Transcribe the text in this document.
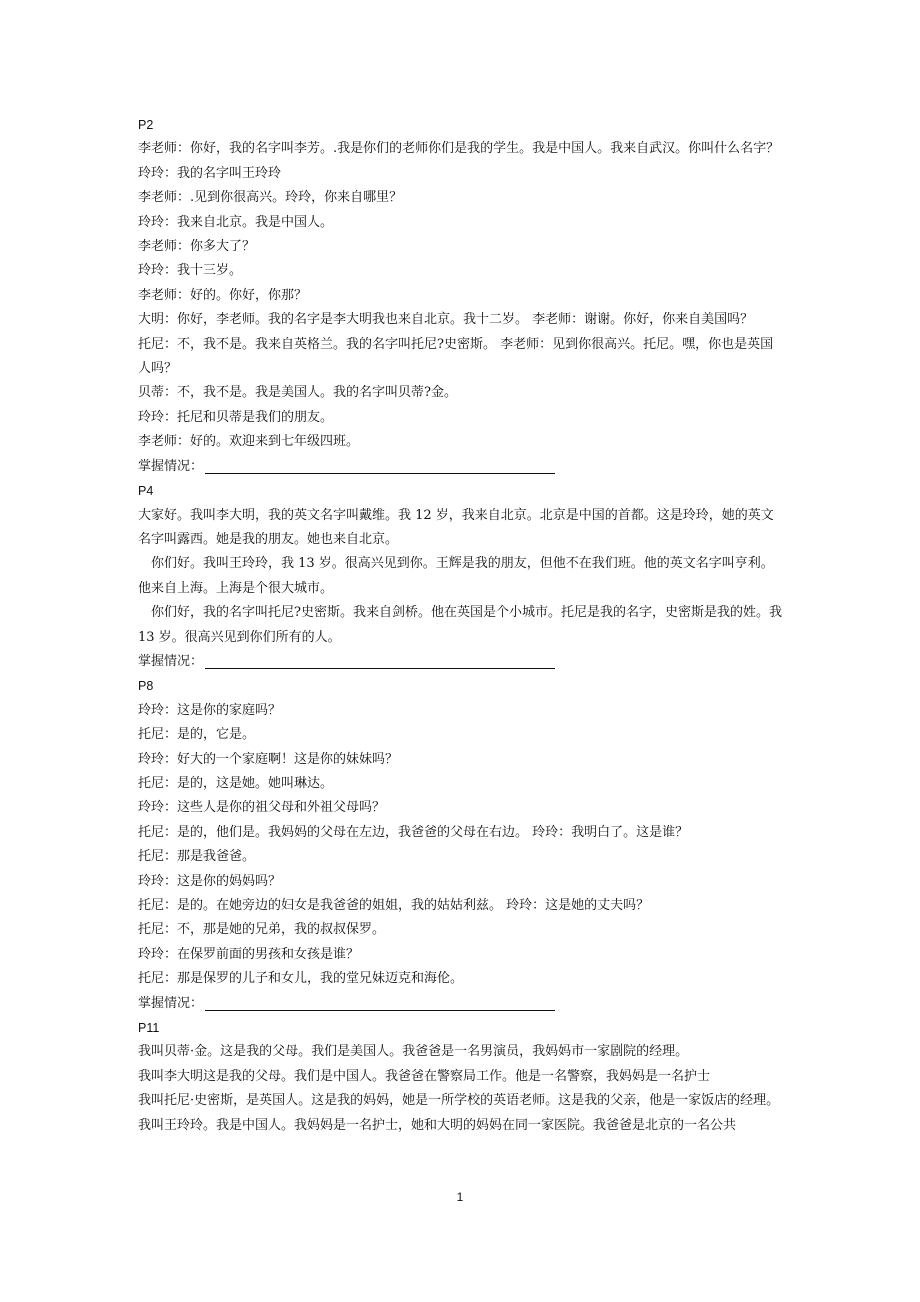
P2
李老师：你好，我的名字叫李芳。.我是你们的老师你们是我的学生。我是中国人。我来自武汉。你叫什么名字？
玲玲：我的名字叫王玲玲
李老师：.见到你很高兴。玲玲，你来自哪里？
玲玲：我来自北京。我是中国人。
李老师：你多大了？
玲玲：我十三岁。
李老师：好的。你好，你那？
大明：你好，李老师。我的名字是李大明我也来自北京。我十二岁。 李老师：谢谢。你好，你来自美国吗？
托尼：不，我不是。我来自英格兰。我的名字叫托尼?史密斯。 李老师：见到你很高兴。托尼。嘿，你也是英国人吗？
贝蒂：不，我不是。我是美国人。我的名字叫贝蒂?金。
玲玲：托尼和贝蒂是我们的朋友。
李老师：好的。欢迎来到七年级四班。
掌握情况：
P4
大家好。我叫李大明，我的英文名字叫戴维。我 12 岁，我来自北京。北京是中国的首都。这是玲玲，她的英文名字叫露西。她是我的朋友。她也来自北京。
你们好。我叫王玲玲，我 13 岁。很高兴见到你。王辉是我的朋友，但他不在我们班。他的英文名字叫亨利。他来自上海。上海是个很大城市。
你们好，我的名字叫托尼?史密斯。我来自剑桥。他在英国是个小城市。托尼是我的名字，史密斯是我的姓。我 13 岁。很高兴见到你们所有的人。
掌握情况：
P8
玲玲：这是你的家庭吗？
托尼：是的，它是。
玲玲：好大的一个家庭啊！这是你的妹妹吗？
托尼：是的，这是她。她叫琳达。
玲玲：这些人是你的祖父母和外祖父母吗？
托尼：是的，他们是。我妈妈的父母在左边，我爸爸的父母在右边。 玲玲：我明白了。这是谁？
托尼：那是我爸爸。
玲玲：这是你的妈妈吗？
托尼：是的。在她旁边的妇女是我爸爸的姐姐，我的姑姑利兹。 玲玲：这是她的丈夫吗？
托尼：不，那是她的兄弟，我的叔叔保罗。
玲玲：在保罗前面的男孩和女孩是谁？
托尼：那是保罗的儿子和女儿，我的堂兄妹迈克和海伦。
掌握情况：
P11
我叫贝蒂·金。这是我的父母。我们是美国人。我爸爸是一名男演员，我妈妈市一家剧院的经理。
我叫李大明这是我的父母。我们是中国人。我爸爸在警察局工作。他是一名警察，我妈妈是一名护士
我叫托尼·史密斯，是英国人。这是我的妈妈，她是一所学校的英语老师。这是我的父亲，他是一家饭店的经理。
我叫王玲玲。我是中国人。我妈妈是一名护士，她和大明的妈妈在同一家医院。我爸爸是北京的一名公共
1
